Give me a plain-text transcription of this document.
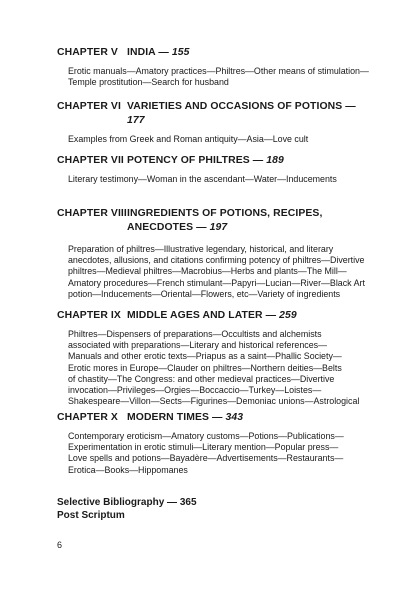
CHAPTER V INDIA — 155
Erotic manuals—Amatory practices—Philtres—Other means of stimulation—
Temple prostitution—Search for husband
CHAPTER VI VARIETIES AND OCCASIONS OF POTIONS — 177
Examples from Greek and Roman antiquity—Asia—Love cult
CHAPTER VII POTENCY OF PHILTRES — 189
Literary testimony—Woman in the ascendant—Water—Inducements
CHAPTER VIII INGREDIENTS OF POTIONS, RECIPES, ANECDOTES — 197
Preparation of philtres—Illustrative legendary, historical, and literary
anecdotes, allusions, and citations confirming potency of philtres—Divertive
philtres—Medieval philtres—Macrobius—Herbs and plants—The Mill—
Amatory procedures—French stimulant—Papyri—Lucian—River—Black Art
potion—Inducements—Oriental—Flowers, etc—Variety of ingredients
CHAPTER IX MIDDLE AGES AND LATER — 259
Philtres—Dispensers of preparations—Occultists and alchemists
associated with preparations—Literary and historical references—
Manuals and other erotic texts—Priapus as a saint—Phallic Society—
Erotic mores in Europe—Clauder on philtres—Northern deities—Belts
of chastity—The Congress: and other medieval practices—Divertive
invocation—Privileges—Orgies—Boccaccio—Turkey—Loistes—
Shakespeare—Villon—Sects—Figurines—Demoniac unions—Astrological
CHAPTER X MODERN TIMES — 343
Contemporary eroticism—Amatory customs—Potions—Publications—
Experimentation in erotic stimuli—Literary mention—Popular press—
Love spells and potions—Bayadère—Advertisements—Restaurants—
Erotica—Books—Hippomanes
Selective Bibliography — 365
Post Scriptum
6
